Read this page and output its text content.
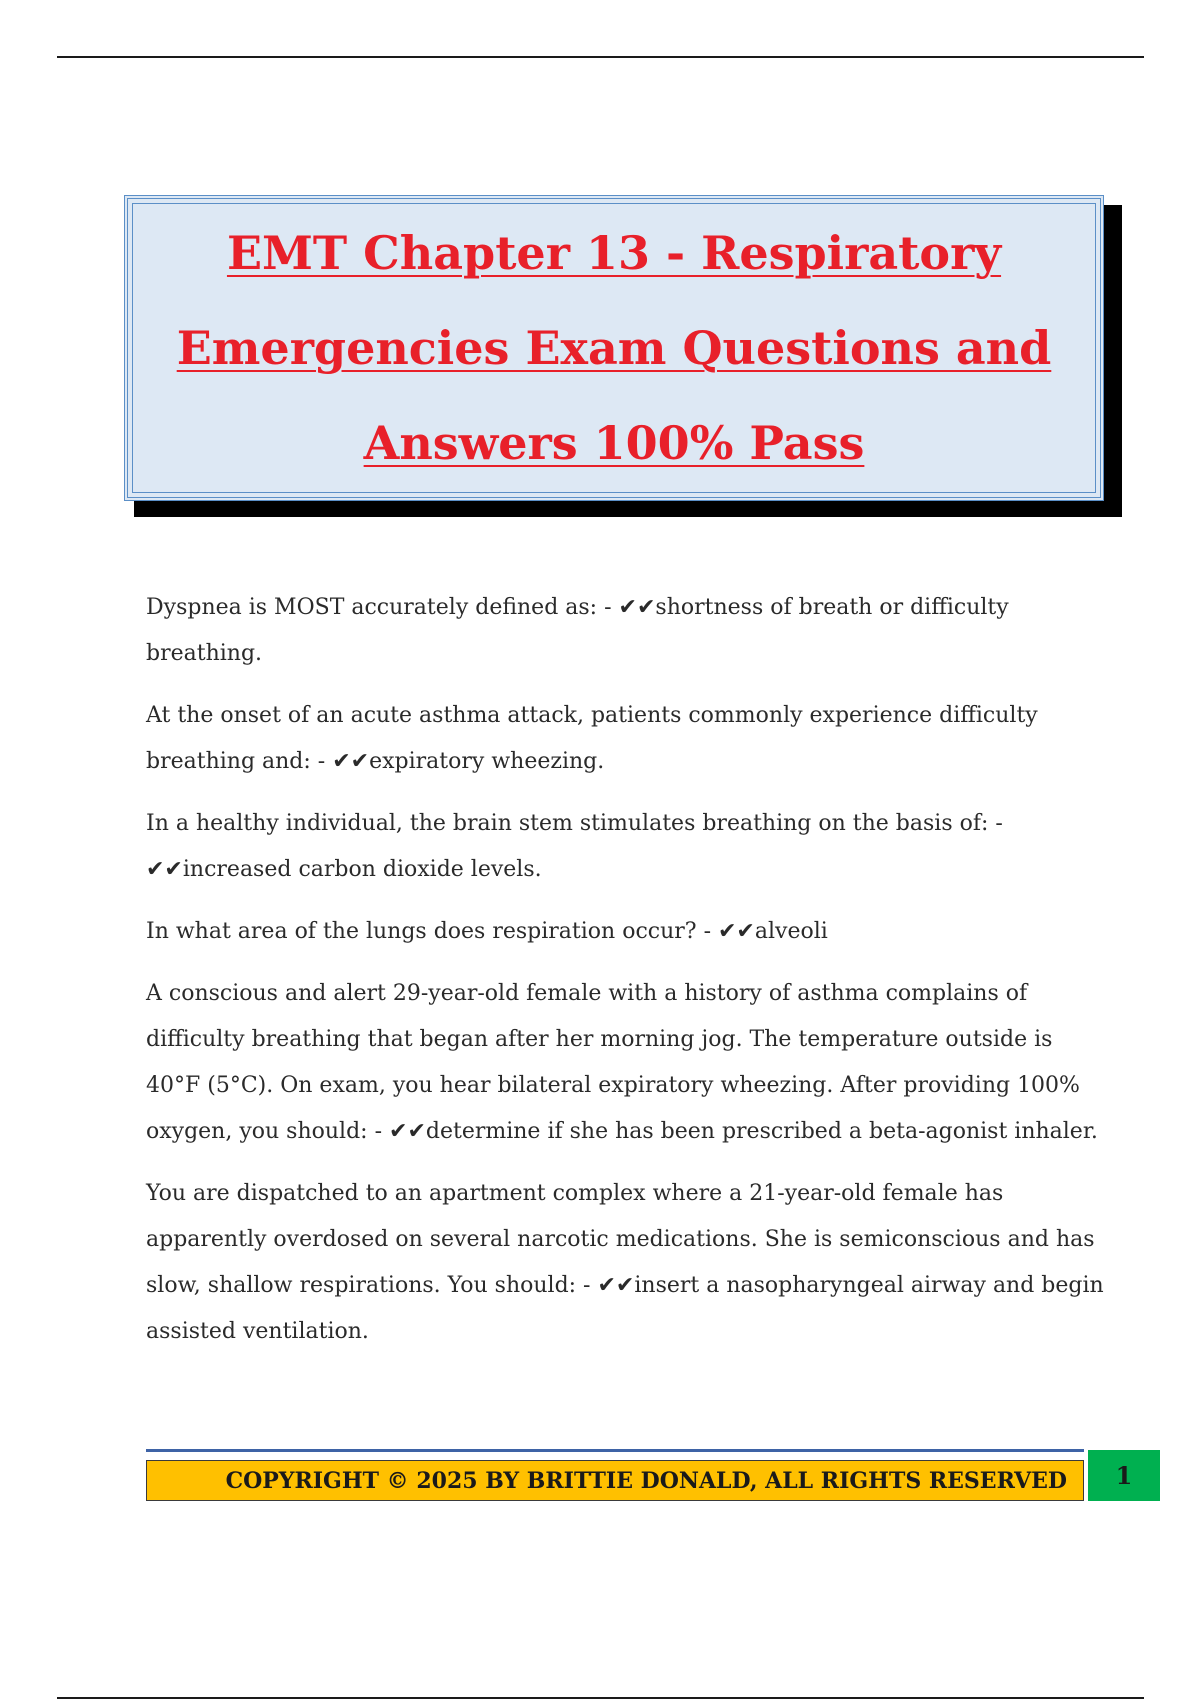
EMT Chapter 13 - Respiratory Emergencies Exam Questions and Answers 100% Pass

Dyspnea is MOST accurately defined as: - ✔✔shortness of breath or difficulty breathing.

At the onset of an acute asthma attack, patients commonly experience difficulty breathing and: - ✔✔expiratory wheezing.

In a healthy individual, the brain stem stimulates breathing on the basis of: - ✔✔increased carbon dioxide levels.

In what area of the lungs does respiration occur? - ✔✔alveoli

A conscious and alert 29-year-old female with a history of asthma complains of difficulty breathing that began after her morning jog. The temperature outside is 40°F (5°C). On exam, you hear bilateral expiratory wheezing. After providing 100% oxygen, you should: - ✔✔determine if she has been prescribed a beta-agonist inhaler.

You are dispatched to an apartment complex where a 21-year-old female has apparently overdosed on several narcotic medications. She is semiconscious and has slow, shallow respirations. You should: - ✔✔insert a nasopharyngeal airway and begin assisted ventilation.

COPYRIGHT © 2025 BY BRITTIE DONALD, ALL RIGHTS RESERVED 1
